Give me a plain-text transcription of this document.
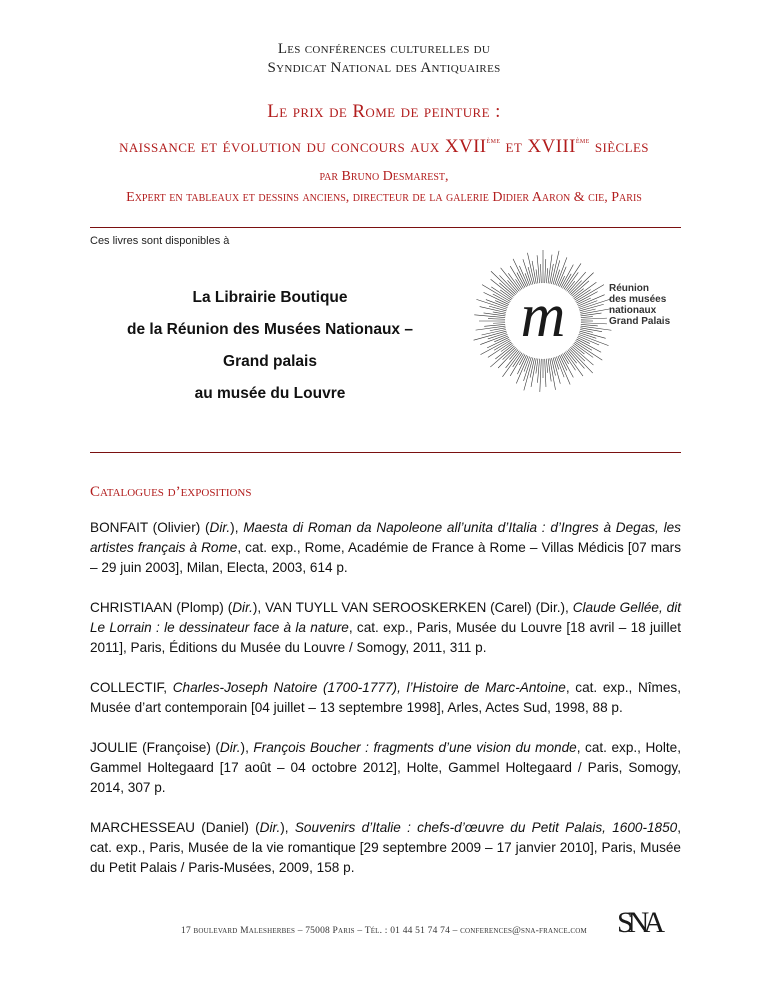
Les conférences culturelles du
Syndicat National des Antiquaires
Le prix de Rome de peinture :
naissance et évolution du concours aux XVIIème et XVIIIème siècles
par Bruno Desmarest,
Expert en tableaux et dessins anciens, directeur de la galerie Didier Aaron & cie, Paris
Ces livres sont disponibles à
La Librairie Boutique
de la Réunion des Musées Nationaux –
Grand palais
au musée du Louvre
m	Réunion
des musées
nationaux
Grand Palais
Catalogues d’expositions

BONFAIT (Olivier) (Dir.), Maesta di Roman da Napoleone all’unita d’Italia : d’Ingres à Degas, les artistes français à Rome, cat. exp., Rome, Académie de France à Rome – Villas Médicis [07 mars – 29 juin 2003], Milan, Electa, 2003, 614 p.

CHRISTIAAN (Plomp) (Dir.), VAN TUYLL VAN SEROOSKERKEN (Carel) (Dir.), Claude Gellée, dit Le Lorrain : le dessinateur face à la nature, cat. exp., Paris, Musée du Louvre [18 avril – 18 juillet 2011], Paris, Éditions du Musée du Louvre / Somogy, 2011, 311 p.

COLLECTIF, Charles-Joseph Natoire (1700-1777), l’Histoire de Marc-Antoine, cat. exp., Nîmes, Musée d’art contemporain [04 juillet – 13 septembre 1998], Arles, Actes Sud, 1998, 88 p.

JOULIE (Françoise) (Dir.), François Boucher : fragments d’une vision du monde, cat. exp., Holte, Gammel Holtegaard [17 août – 04 octobre 2012], Holte, Gammel Holtegaard / Paris, Somogy, 2014, 307 p.

MARCHESSEAU (Daniel) (Dir.), Souvenirs d’Italie : chefs-d’œuvre du Petit Palais, 1600-1850, cat. exp., Paris, Musée de la vie romantique [29 septembre 2009 – 17 janvier 2010], Paris, Musée du Petit Palais / Paris-Musées, 2009, 158 p.

SNA
17 boulevard Malesherbes – 75008 Paris – Tél. : 01 44 51 74 74 – conferences@sna-france.com
